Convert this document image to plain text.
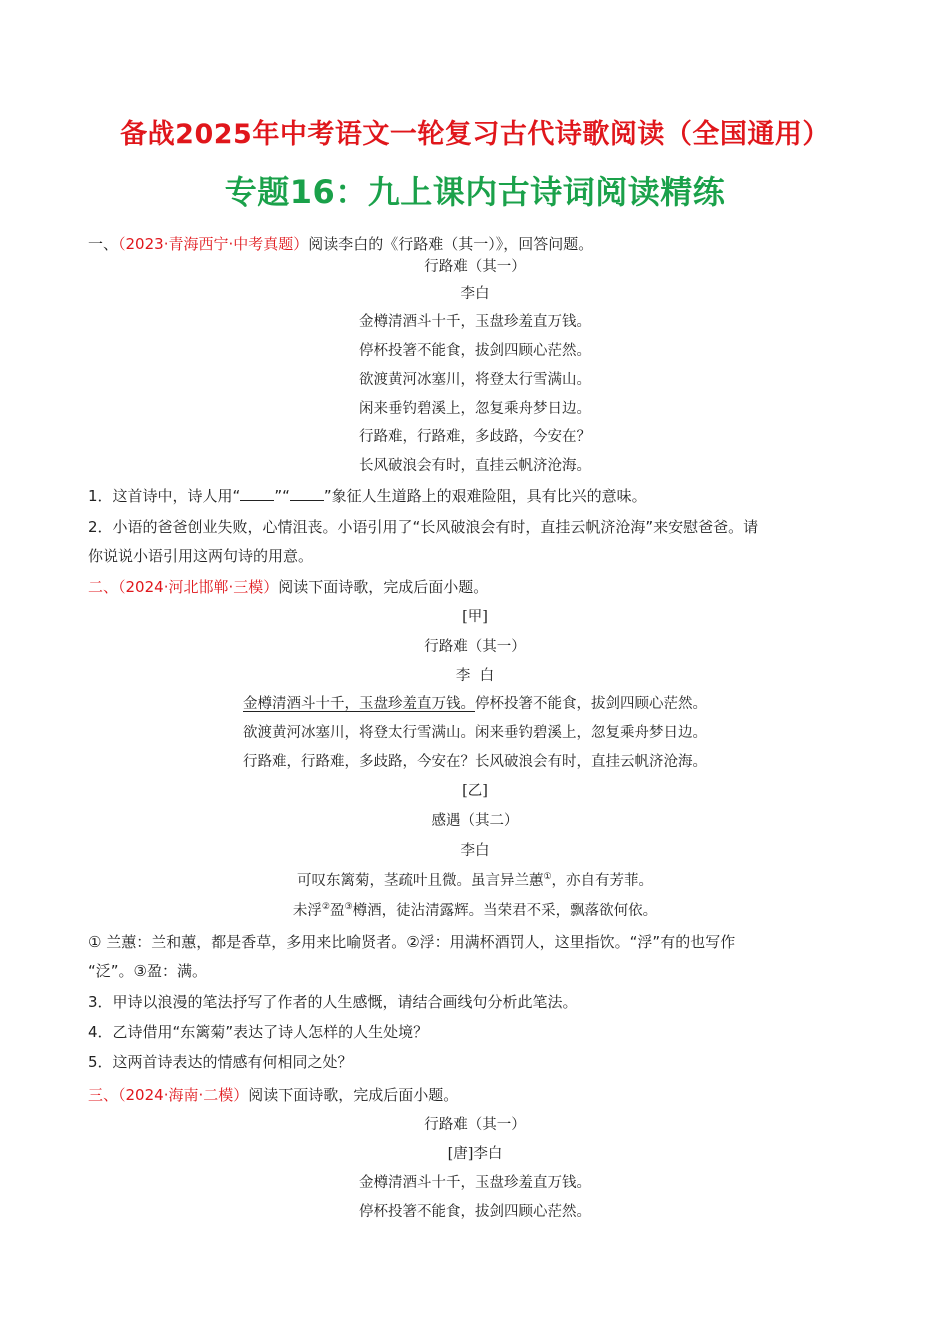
备战2025年中考语文一轮复习古代诗歌阅读（全国通用）
专题16：九上课内古诗词阅读精练
一、（2023·青海西宁·中考真题）阅读李白的《行路难（其一）》，回答问题。
行路难（其一）
李白
金樽清酒斗十千，玉盘珍羞直万钱。
停杯投箸不能食，拔剑四顾心茫然。
欲渡黄河冰塞川，将登太行雪满山。
闲来垂钓碧溪上，忽复乘舟梦日边。
行路难，行路难，多歧路，今安在？
长风破浪会有时，直挂云帆济沧海。
1．这首诗中，诗人用“ ”“ ”象征人生道路上的艰难险阻，具有比兴的意味。
2．小语的爸爸创业失败，心情沮丧。小语引用了“长风破浪会有时，直挂云帆济沧海”来安慰爸爸。请
你说说小语引用这两句诗的用意。
二、（2024·河北邯郸·三模）阅读下面诗歌，完成后面小题。
[甲]
行路难（其一）
李  白
金樽清酒斗十千，玉盘珍羞直万钱。停杯投箸不能食，拔剑四顾心茫然。
欲渡黄河冰塞川，将登太行雪满山。闲来垂钓碧溪上，忽复乘舟梦日边。
行路难，行路难，多歧路，今安在？长风破浪会有时，直挂云帆济沧海。
[乙]
感遇（其二）
李白
可叹东篱菊，茎疏叶且微。虽言异兰蕙①，亦自有芳菲。
未浮②盈③樽酒，徒沾清露辉。当荣君不采，飘落欲何依。
① 兰蕙：兰和蕙，都是香草，多用来比喻贤者。②浮：用满杯酒罚人，这里指饮。“浮”有的也写作
“泛”。③盈：满。
3．甲诗以浪漫的笔法抒写了作者的人生感慨，请结合画线句分析此笔法。
4．乙诗借用“东篱菊”表达了诗人怎样的人生处境？
5．这两首诗表达的情感有何相同之处？
三、（2024·海南·二模）阅读下面诗歌，完成后面小题。
行路难（其一）
[唐]李白
金樽清酒斗十千，玉盘珍羞直万钱。
停杯投箸不能食，拔剑四顾心茫然。
